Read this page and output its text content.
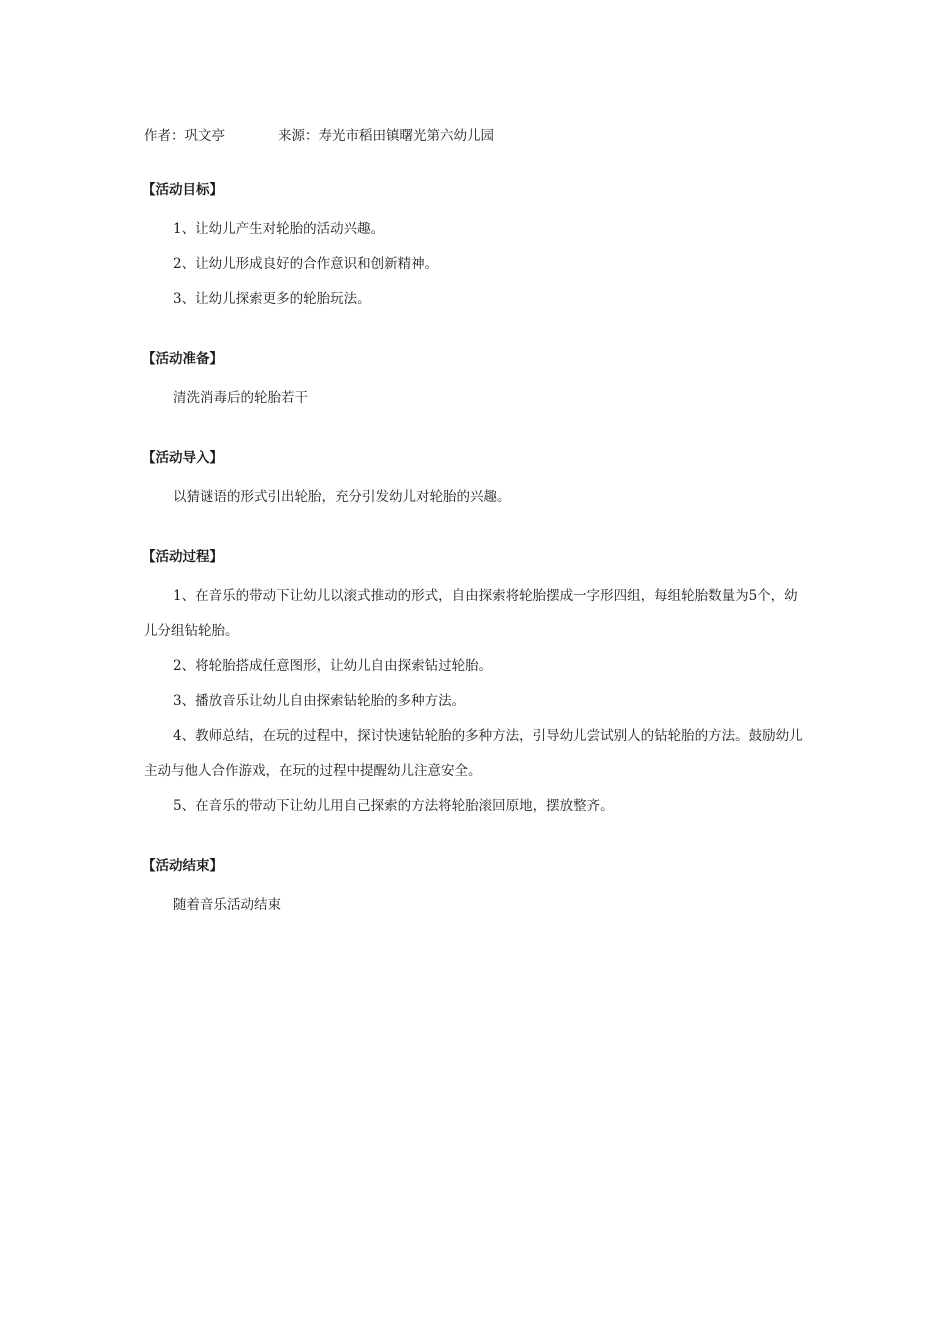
作者：巩文亭	来源：寿光市稻田镇曙光第六幼儿园
【活动目标】

1、让幼儿产生对轮胎的活动兴趣。

2、让幼儿形成良好的合作意识和创新精神。

3、让幼儿探索更多的轮胎玩法。

【活动准备】

清洗消毒后的轮胎若干

【活动导入】

以猜谜语的形式引出轮胎，充分引发幼儿对轮胎的兴趣。

【活动过程】

1、在音乐的带动下让幼儿以滚式推动的形式，自由探索将轮胎摆成一字形四组，每组轮胎数量为5个，幼儿分组钻轮胎。

2、将轮胎搭成任意图形，让幼儿自由探索钻过轮胎。

3、播放音乐让幼儿自由探索钻轮胎的多种方法。

4、教师总结，在玩的过程中，探讨快速钻轮胎的多种方法，引导幼儿尝试别人的钻轮胎的方法。鼓励幼儿主动与他人合作游戏，在玩的过程中提醒幼儿注意安全。

5、在音乐的带动下让幼儿用自己探索的方法将轮胎滚回原地，摆放整齐。

【活动结束】

随着音乐活动结束
